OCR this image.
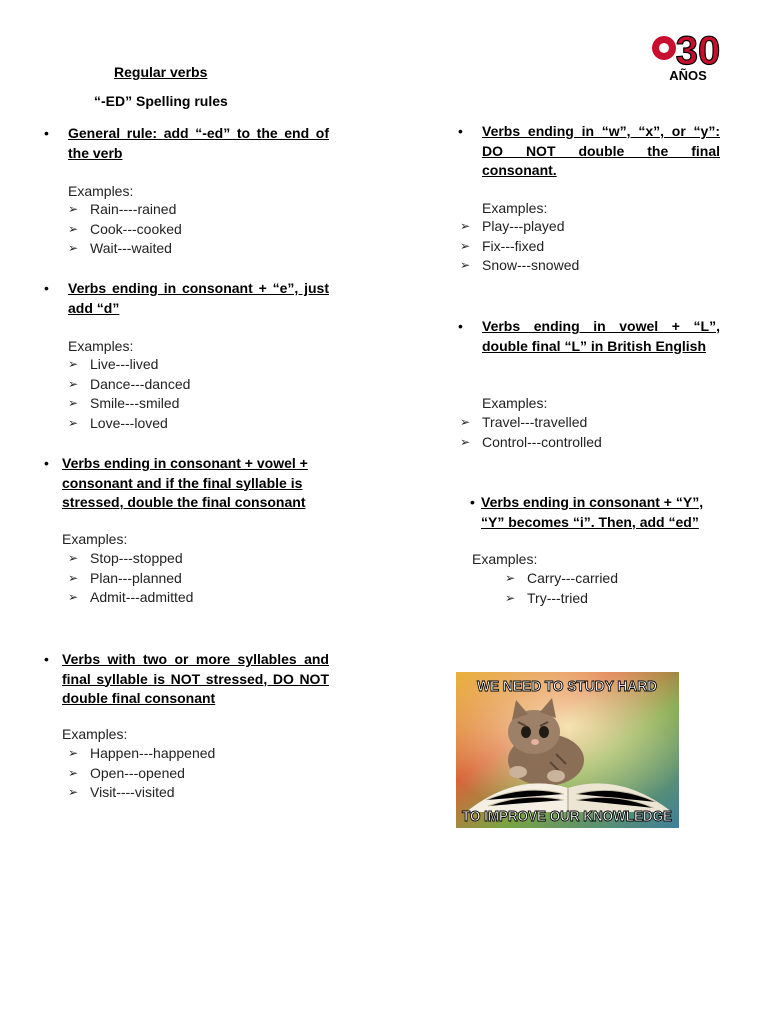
30
AÑOS
Regular verbs
“-ED” Spelling rules
• General rule: add “-ed” to the end of the verb
Examples:
➢ Rain----rained
➢ Cook---cooked
➢ Wait---waited
• Verbs ending in consonant + “e”, just add “d”
Examples:
➢ Live---lived
➢ Dance---danced
➢ Smile---smiled
➢ Love---loved
• Verbs ending in consonant + vowel + consonant and if the final syllable is stressed, double the final consonant
Examples:
➢ Stop---stopped
➢ Plan---planned
➢ Admit---admitted
• Verbs with two or more syllables and final syllable is NOT stressed, DO NOT double final consonant
Examples:
➢ Happen---happened
➢ Open---opened
➢ Visit----visited
• Verbs ending in “w”, “x”, or “y”: DO NOT double the final consonant.
Examples:
➢ Play---played
➢ Fix---fixed
➢ Snow---snowed
• Verbs ending in vowel + “L”, double final “L” in British English
Examples:
➢ Travel---travelled
➢ Control---controlled
• Verbs ending in consonant + “Y”, “Y” becomes “i”. Then, add “ed”
Examples:
➢ Carry---carried
➢ Try---tried
WE NEED TO STUDY HARD
TO IMPROVE OUR KNOWLEDGE
